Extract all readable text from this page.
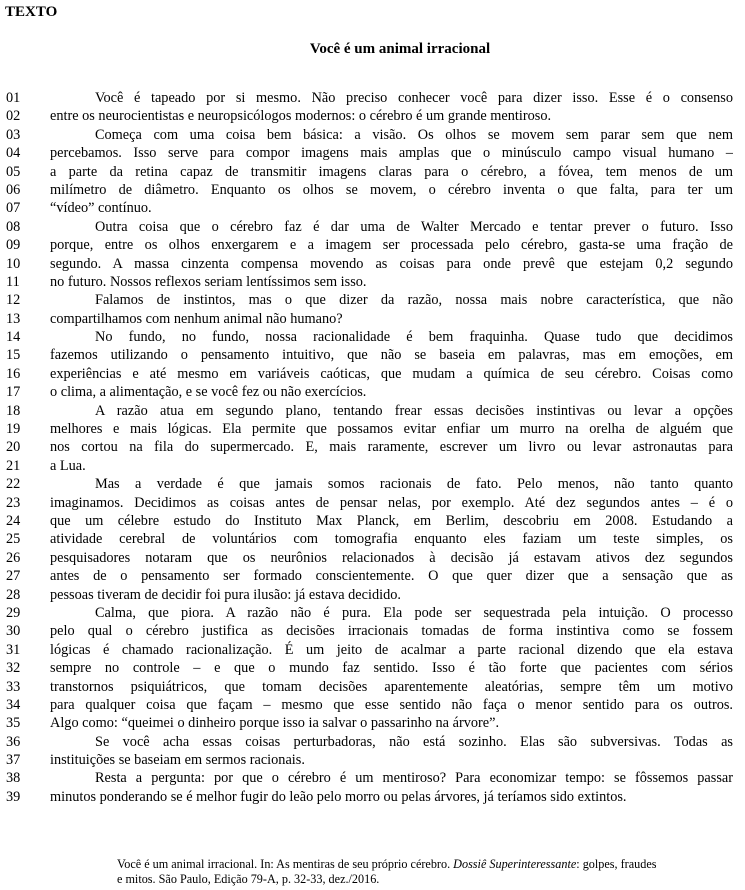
TEXTO
Você é um animal irracional
01	Você é tapeado por si mesmo. Não preciso conhecer você para dizer isso. Esse é o consenso
02 entre os neurocientistas e neuropsicólogos modernos: o cérebro é um grande mentiroso.
03	Começa com uma coisa bem básica: a visão. Os olhos se movem sem parar sem que nem
04 percebamos. Isso serve para compor imagens mais amplas que o minúsculo campo visual humano –
05 a parte da retina capaz de transmitir imagens claras para o cérebro, a fóvea, tem menos de um
06 milímetro de diâmetro. Enquanto os olhos se movem, o cérebro inventa o que falta, para ter um
07 “vídeo” contínuo.
08	Outra coisa que o cérebro faz é dar uma de Walter Mercado e tentar prever o futuro. Isso
09 porque, entre os olhos enxergarem e a imagem ser processada pelo cérebro, gasta-se uma fração de
10 segundo. A massa cinzenta compensa movendo as coisas para onde prevê que estejam 0,2 segundo
11 no futuro. Nossos reflexos seriam lentíssimos sem isso.
12	Falamos de instintos, mas o que dizer da razão, nossa mais nobre característica, que não
13 compartilhamos com nenhum animal não humano?
14	No fundo, no fundo, nossa racionalidade é bem fraquinha. Quase tudo que decidimos
15 fazemos utilizando o pensamento intuitivo, que não se baseia em palavras, mas em emoções, em
16 experiências e até mesmo em variáveis caóticas, que mudam a química de seu cérebro. Coisas como
17 o clima, a alimentação, e se você fez ou não exercícios.
18	A razão atua em segundo plano, tentando frear essas decisões instintivas ou levar a opções
19 melhores e mais lógicas. Ela permite que possamos evitar enfiar um murro na orelha de alguém que
20 nos cortou na fila do supermercado. E, mais raramente, escrever um livro ou levar astronautas para
21 a Lua.
22	Mas a verdade é que jamais somos racionais de fato. Pelo menos, não tanto quanto
23 imaginamos. Decidimos as coisas antes de pensar nelas, por exemplo. Até dez segundos antes – é o
24 que um célebre estudo do Instituto Max Planck, em Berlim, descobriu em 2008. Estudando a
25 atividade cerebral de voluntários com tomografia enquanto eles faziam um teste simples, os
26 pesquisadores notaram que os neurônios relacionados à decisão já estavam ativos dez segundos
27 antes de o pensamento ser formado conscientemente. O que quer dizer que a sensação que as
28 pessoas tiveram de decidir foi pura ilusão: já estava decidido.
29	Calma, que piora. A razão não é pura. Ela pode ser sequestrada pela intuição. O processo
30 pelo qual o cérebro justifica as decisões irracionais tomadas de forma instintiva como se fossem
31 lógicas é chamado racionalização. É um jeito de acalmar a parte racional dizendo que ela estava
32 sempre no controle – e que o mundo faz sentido. Isso é tão forte que pacientes com sérios
33 transtornos psiquiátricos, que tomam decisões aparentemente aleatórias, sempre têm um motivo
34 para qualquer coisa que façam – mesmo que esse sentido não faça o menor sentido para os outros.
35 Algo como: “queimei o dinheiro porque isso ia salvar o passarinho na árvore”.
36	Se você acha essas coisas perturbadoras, não está sozinho. Elas são subversivas. Todas as
37 instituições se baseiam em sermos racionais.
38	Resta a pergunta: por que o cérebro é um mentiroso? Para economizar tempo: se fôssemos passar
39 minutos ponderando se é melhor fugir do leão pelo morro ou pelas árvores, já teríamos sido extintos.
Você é um animal irracional. In: As mentiras de seu próprio cérebro. Dossiê Superinteressante: golpes, fraudes
e mitos. São Paulo, Edição 79-A, p. 32-33, dez./2016.
